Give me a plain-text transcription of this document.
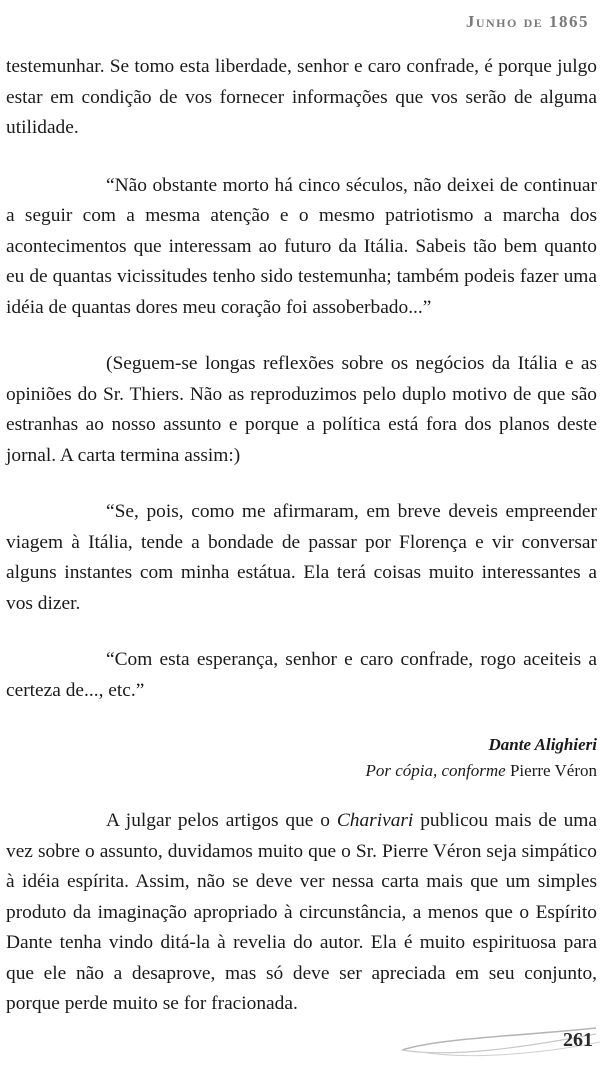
Junho de 1865

testemunhar. Se tomo esta liberdade, senhor e caro confrade, é porque julgo estar em condição de vos fornecer informações que vos serão de alguma utilidade.

“Não obstante morto há cinco séculos, não deixei de continuar a seguir com a mesma atenção e o mesmo patriotismo a marcha dos acontecimentos que interessam ao futuro da Itália. Sabeis tão bem quanto eu de quantas vicissitudes tenho sido testemunha; também podeis fazer uma idéia de quantas dores meu coração foi assoberbado...”

(Seguem-se longas reflexões sobre os negócios da Itália e as opiniões do Sr. Thiers. Não as reproduzimos pelo duplo motivo de que são estranhas ao nosso assunto e porque a política está fora dos planos deste jornal. A carta termina assim:)

“Se, pois, como me afirmaram, em breve deveis empreender viagem à Itália, tende a bondade de passar por Florença e vir conversar alguns instantes com minha estátua. Ela terá coisas muito interessantes a vos dizer.

“Com esta esperança, senhor e caro confrade, rogo aceiteis a certeza de..., etc.”

Dante Alighieri
Por cópia, conforme Pierre Véron

A julgar pelos artigos que o Charivari publicou mais de uma vez sobre o assunto, duvidamos muito que o Sr. Pierre Véron seja simpático à idéia espírita. Assim, não se deve ver nessa carta mais que um simples produto da imaginação apropriado à circunstância, a menos que o Espírito Dante tenha vindo ditá-la à revelia do autor. Ela é muito espirituosa para que ele não a desaprove, mas só deve ser apreciada em seu conjunto, porque perde muito se for fracionada.

261
